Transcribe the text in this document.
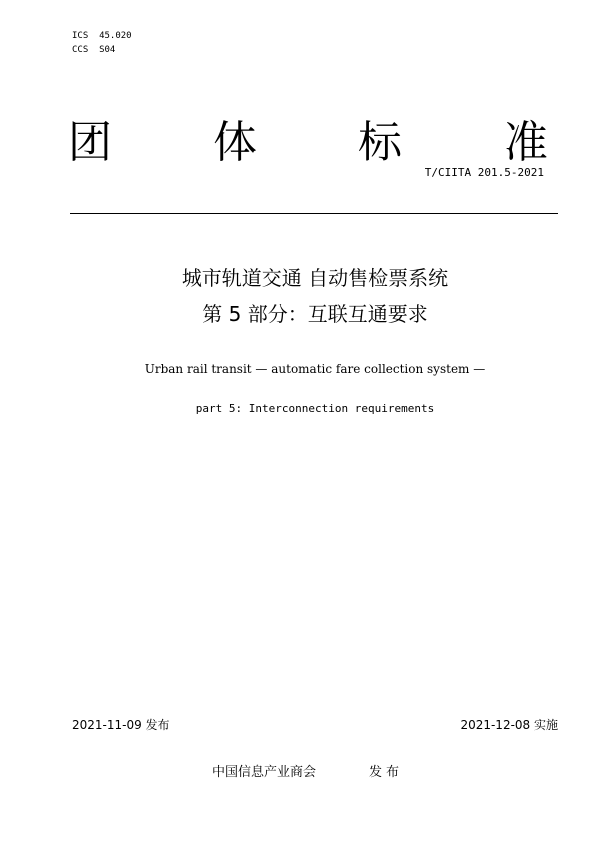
ICS  45.020
CCS  S04
团 体 标 准
T/CIITA 201.5-2021
城市轨道交通 自动售检票系统
第 5 部分：互联互通要求
Urban rail transit — automatic fare collection system —
part 5: Interconnection requirements
2021-11-09 发布	2021-12-08 实施
中国信息产业商会	发布
